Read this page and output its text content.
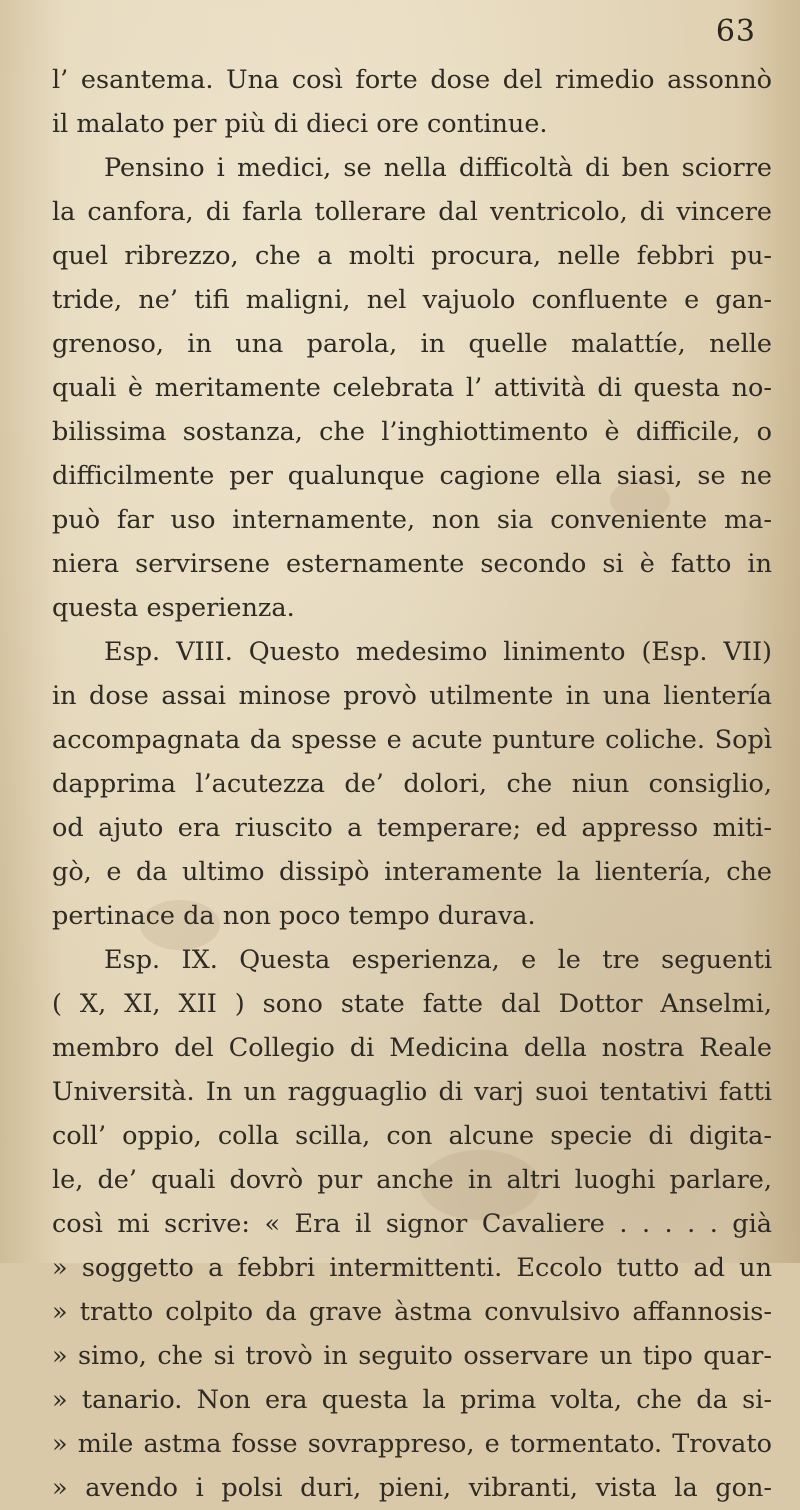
63
l’ esantema. Una così forte dose del rimedio assonnò
il malato per più di dieci ore continue.
Pensino i medici, se nella difficoltà di ben sciorre
la canfora, di farla tollerare dal ventricolo, di vincere
quel ribrezzo, che a molti procura, nelle febbri pu-
tride, ne’ tifi maligni, nel vajuolo confluente e gan-
grenoso, in una parola, in quelle malattíe, nelle
quali è meritamente celebrata l’ attività di questa no-
bilissima sostanza, che l’inghiottimento è difficile, o
difficilmente per qualunque cagione ella siasi, se ne
può far uso internamente, non sia conveniente ma-
niera servirsene esternamente secondo si è fatto in
questa esperienza.
Esp. VIII. Questo medesimo linimento (Esp. VII)
in dose assai minose provò utilmente in una lientería
accompagnata da spesse e acute punture coliche. Sopì
dapprima l’acutezza de’ dolori, che niun consiglio,
od ajuto era riuscito a temperare; ed appresso miti-
gò, e da ultimo dissipò interamente la lientería, che
pertinace da non poco tempo durava.
Esp. IX. Questa esperienza, e le tre seguenti
( X, XI, XII ) sono state fatte dal Dottor Anselmi,
membro del Collegio di Medicina della nostra Reale
Università. In un ragguaglio di varj suoi tentativi fatti
coll’ oppio, colla scilla, con alcune specie di digita-
le, de’ quali dovrò pur anche in altri luoghi parlare,
così mi scrive: « Era il signor Cavaliere . . . . . già
» soggetto a febbri intermittenti. Eccolo tutto ad un
» tratto colpito da grave àstma convulsivo affannosis-
» simo, che si trovò in seguito osservare un tipo quar-
» tanario. Non era questa la prima volta, che da si-
» mile astma fosse sovrappreso, e tormentato. Trovato
» avendo i polsi duri, pieni, vibranti, vista la gon-
